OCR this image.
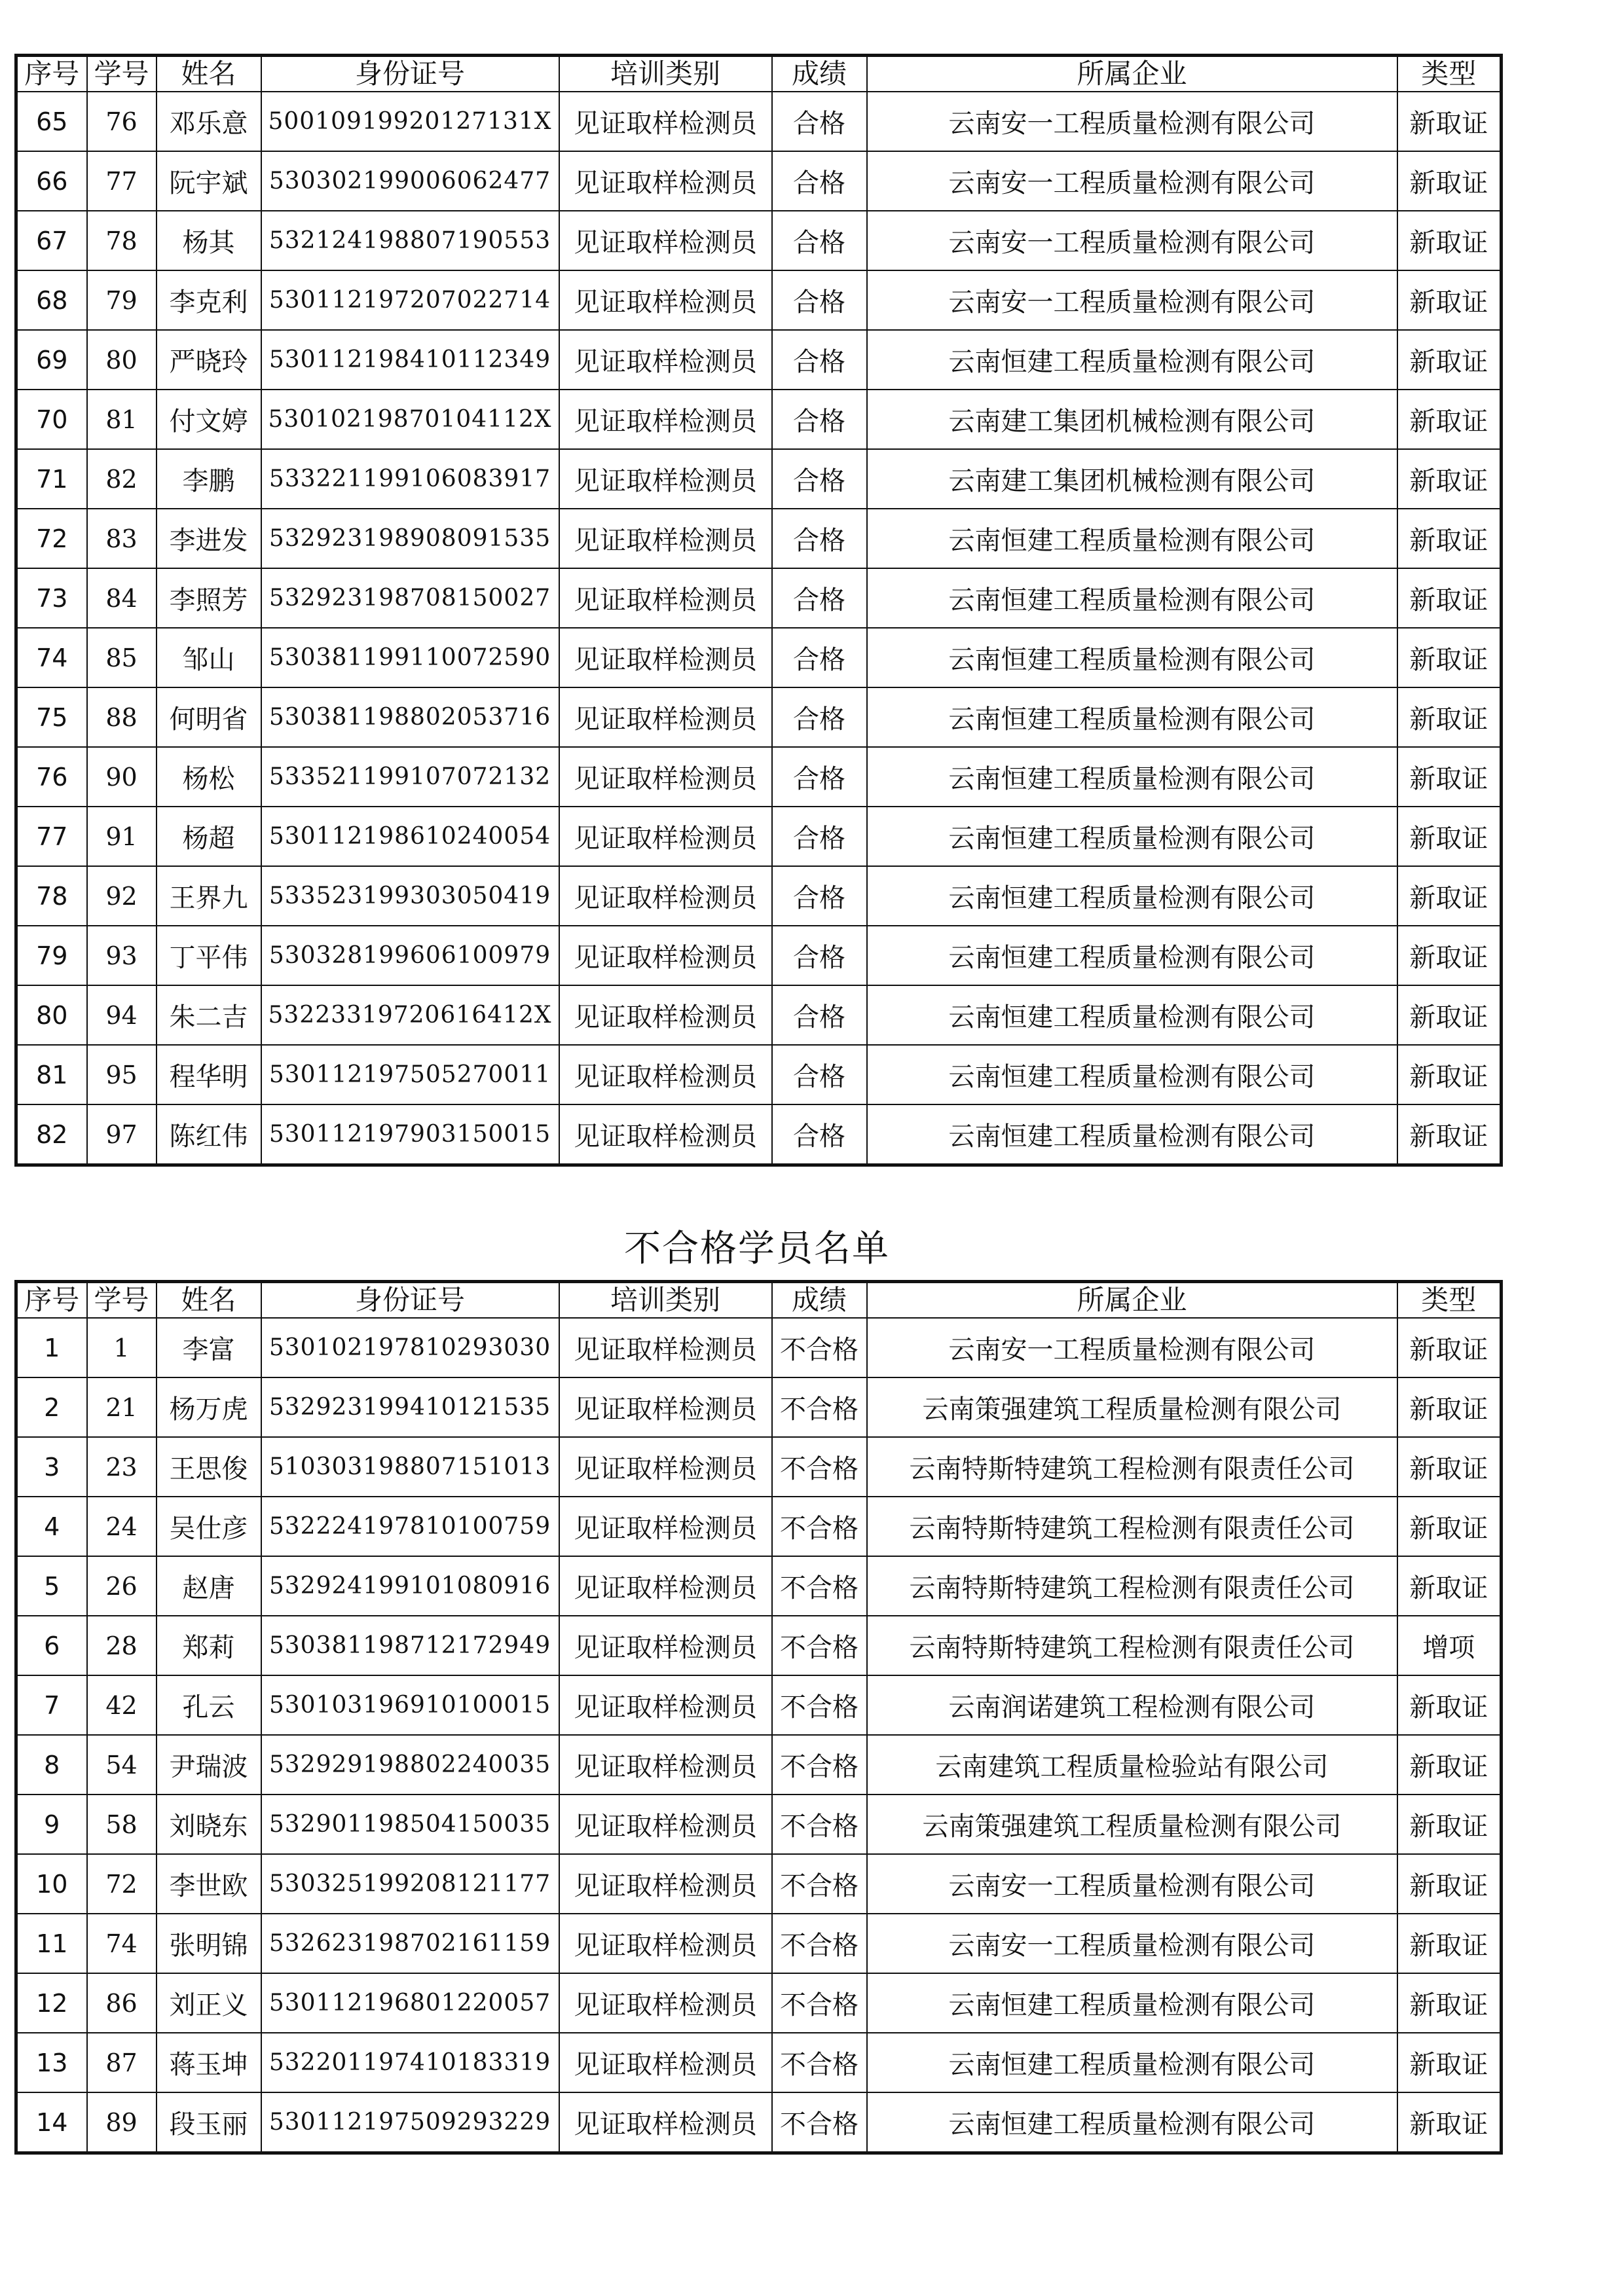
序号	学号	姓名	身份证号	培训类别	成绩	所属企业	类型
65	76	邓乐意	50010919920127131X	见证取样检测员	合格	云南安一工程质量检测有限公司	新取证
66	77	阮宇斌	530302199006062477	见证取样检测员	合格	云南安一工程质量检测有限公司	新取证
67	78	杨其	532124198807190553	见证取样检测员	合格	云南安一工程质量检测有限公司	新取证
68	79	李克利	530112197207022714	见证取样检测员	合格	云南安一工程质量检测有限公司	新取证
69	80	严晓玲	530112198410112349	见证取样检测员	合格	云南恒建工程质量检测有限公司	新取证
70	81	付文婷	53010219870104112X	见证取样检测员	合格	云南建工集团机械检测有限公司	新取证
71	82	李鹏	533221199106083917	见证取样检测员	合格	云南建工集团机械检测有限公司	新取证
72	83	李进发	532923198908091535	见证取样检测员	合格	云南恒建工程质量检测有限公司	新取证
73	84	李照芳	532923198708150027	见证取样检测员	合格	云南恒建工程质量检测有限公司	新取证
74	85	邹山	530381199110072590	见证取样检测员	合格	云南恒建工程质量检测有限公司	新取证
75	88	何明省	530381198802053716	见证取样检测员	合格	云南恒建工程质量检测有限公司	新取证
76	90	杨松	533521199107072132	见证取样检测员	合格	云南恒建工程质量检测有限公司	新取证
77	91	杨超	530112198610240054	见证取样检测员	合格	云南恒建工程质量检测有限公司	新取证
78	92	王界九	533523199303050419	见证取样检测员	合格	云南恒建工程质量检测有限公司	新取证
79	93	丁平伟	530328199606100979	见证取样检测员	合格	云南恒建工程质量检测有限公司	新取证
80	94	朱二吉	53223319720616412X	见证取样检测员	合格	云南恒建工程质量检测有限公司	新取证
81	95	程华明	530112197505270011	见证取样检测员	合格	云南恒建工程质量检测有限公司	新取证
82	97	陈红伟	530112197903150015	见证取样检测员	合格	云南恒建工程质量检测有限公司	新取证
不合格学员名单
序号	学号	姓名	身份证号	培训类别	成绩	所属企业	类型
1	1	李富	530102197810293030	见证取样检测员	不合格	云南安一工程质量检测有限公司	新取证
2	21	杨万虎	532923199410121535	见证取样检测员	不合格	云南策强建筑工程质量检测有限公司	新取证
3	23	王思俊	510303198807151013	见证取样检测员	不合格	云南特斯特建筑工程检测有限责任公司	新取证
4	24	吴仕彦	532224197810100759	见证取样检测员	不合格	云南特斯特建筑工程检测有限责任公司	新取证
5	26	赵唐	532924199101080916	见证取样检测员	不合格	云南特斯特建筑工程检测有限责任公司	新取证
6	28	郑莉	530381198712172949	见证取样检测员	不合格	云南特斯特建筑工程检测有限责任公司	增项
7	42	孔云	530103196910100015	见证取样检测员	不合格	云南润诺建筑工程检测有限公司	新取证
8	54	尹瑞波	532929198802240035	见证取样检测员	不合格	云南建筑工程质量检验站有限公司	新取证
9	58	刘晓东	532901198504150035	见证取样检测员	不合格	云南策强建筑工程质量检测有限公司	新取证
10	72	李世欧	530325199208121177	见证取样检测员	不合格	云南安一工程质量检测有限公司	新取证
11	74	张明锦	532623198702161159	见证取样检测员	不合格	云南安一工程质量检测有限公司	新取证
12	86	刘正义	530112196801220057	见证取样检测员	不合格	云南恒建工程质量检测有限公司	新取证
13	87	蒋玉坤	532201197410183319	见证取样检测员	不合格	云南恒建工程质量检测有限公司	新取证
14	89	段玉丽	530112197509293229	见证取样检测员	不合格	云南恒建工程质量检测有限公司	新取证
